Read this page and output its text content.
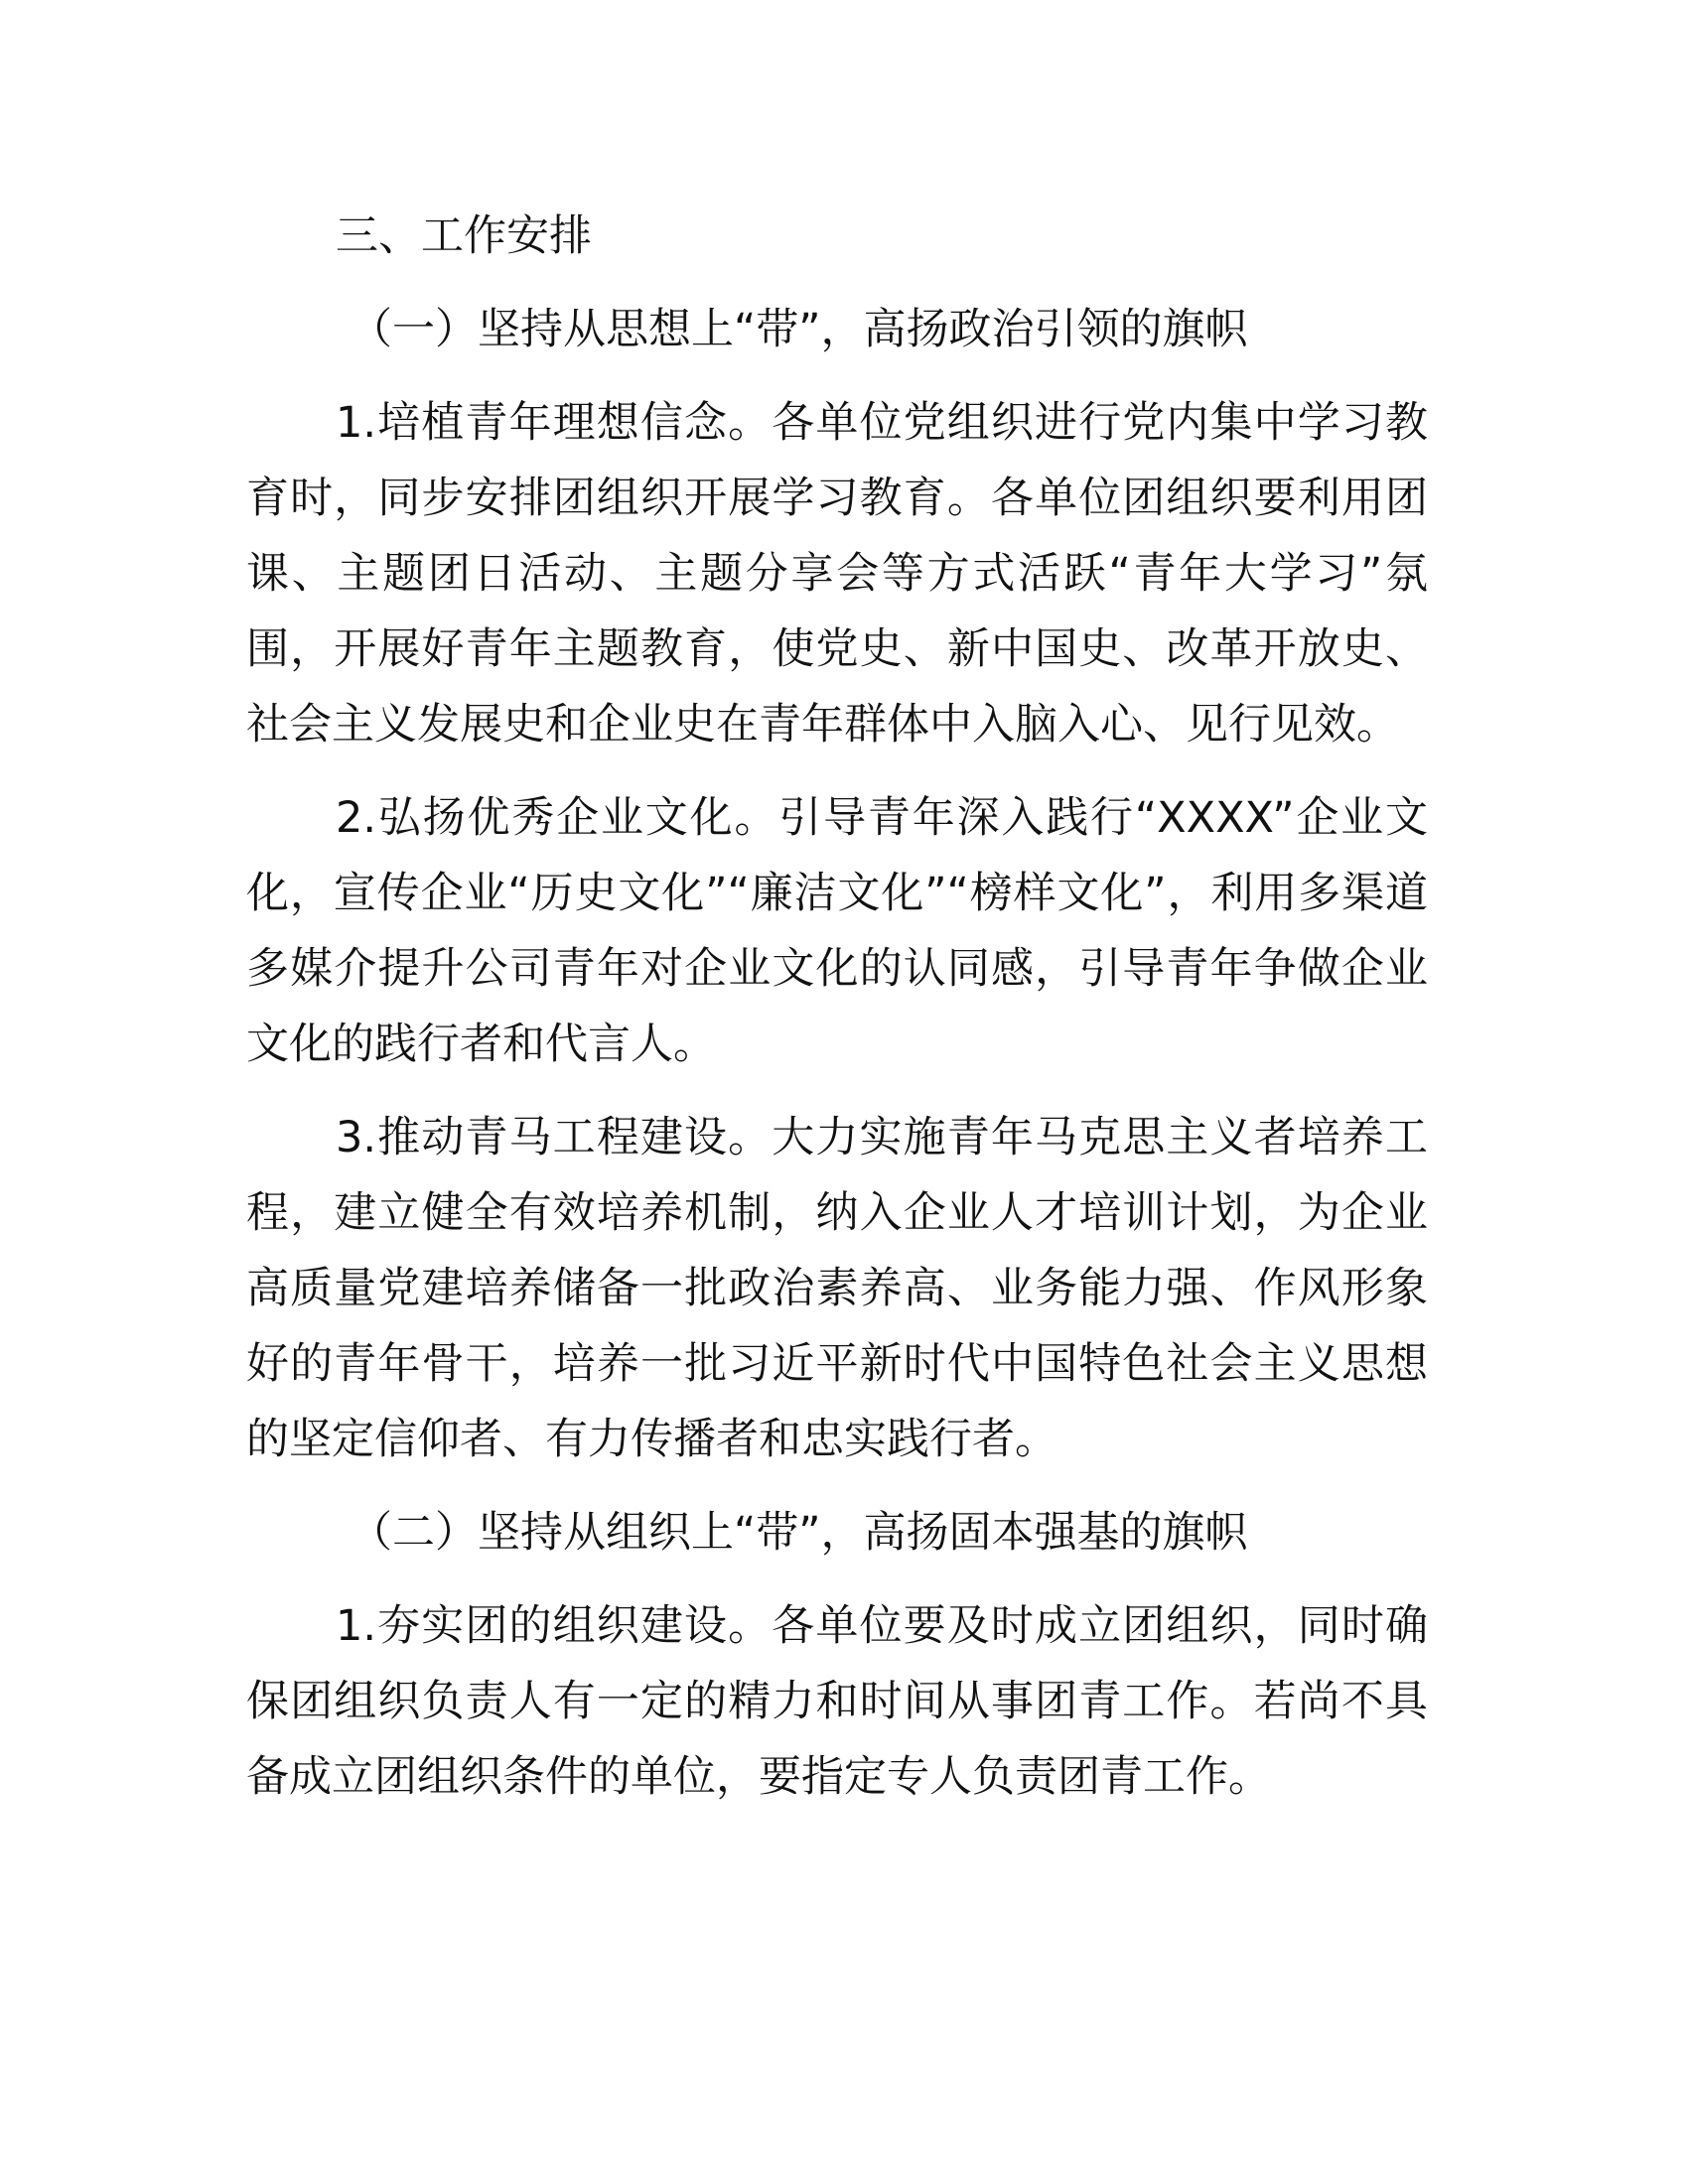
三、工作安排

（一）坚持从思想上“带”，高扬政治引领的旗帜

1.培植青年理想信念。各单位党组织进行党内集中学习教育时，同步安排团组织开展学习教育。各单位团组织要利用团课、主题团日活动、主题分享会等方式活跃“青年大学习”氛围，开展好青年主题教育，使党史、新中国史、改革开放史、社会主义发展史和企业史在青年群体中入脑入心、见行见效。

2.弘扬优秀企业文化。引导青年深入践行“XXXX”企业文化，宣传企业“历史文化”“廉洁文化”“榜样文化”，利用多渠道多媒介提升公司青年对企业文化的认同感，引导青年争做企业文化的践行者和代言人。

3.推动青马工程建设。大力实施青年马克思主义者培养工程，建立健全有效培养机制，纳入企业人才培训计划，为企业高质量党建培养储备一批政治素养高、业务能力强、作风形象好的青年骨干，培养一批习近平新时代中国特色社会主义思想的坚定信仰者、有力传播者和忠实践行者。

（二）坚持从组织上“带”，高扬固本强基的旗帜

1.夯实团的组织建设。各单位要及时成立团组织，同时确保团组织负责人有一定的精力和时间从事团青工作。若尚不具备成立团组织条件的单位，要指定专人负责团青工作。
